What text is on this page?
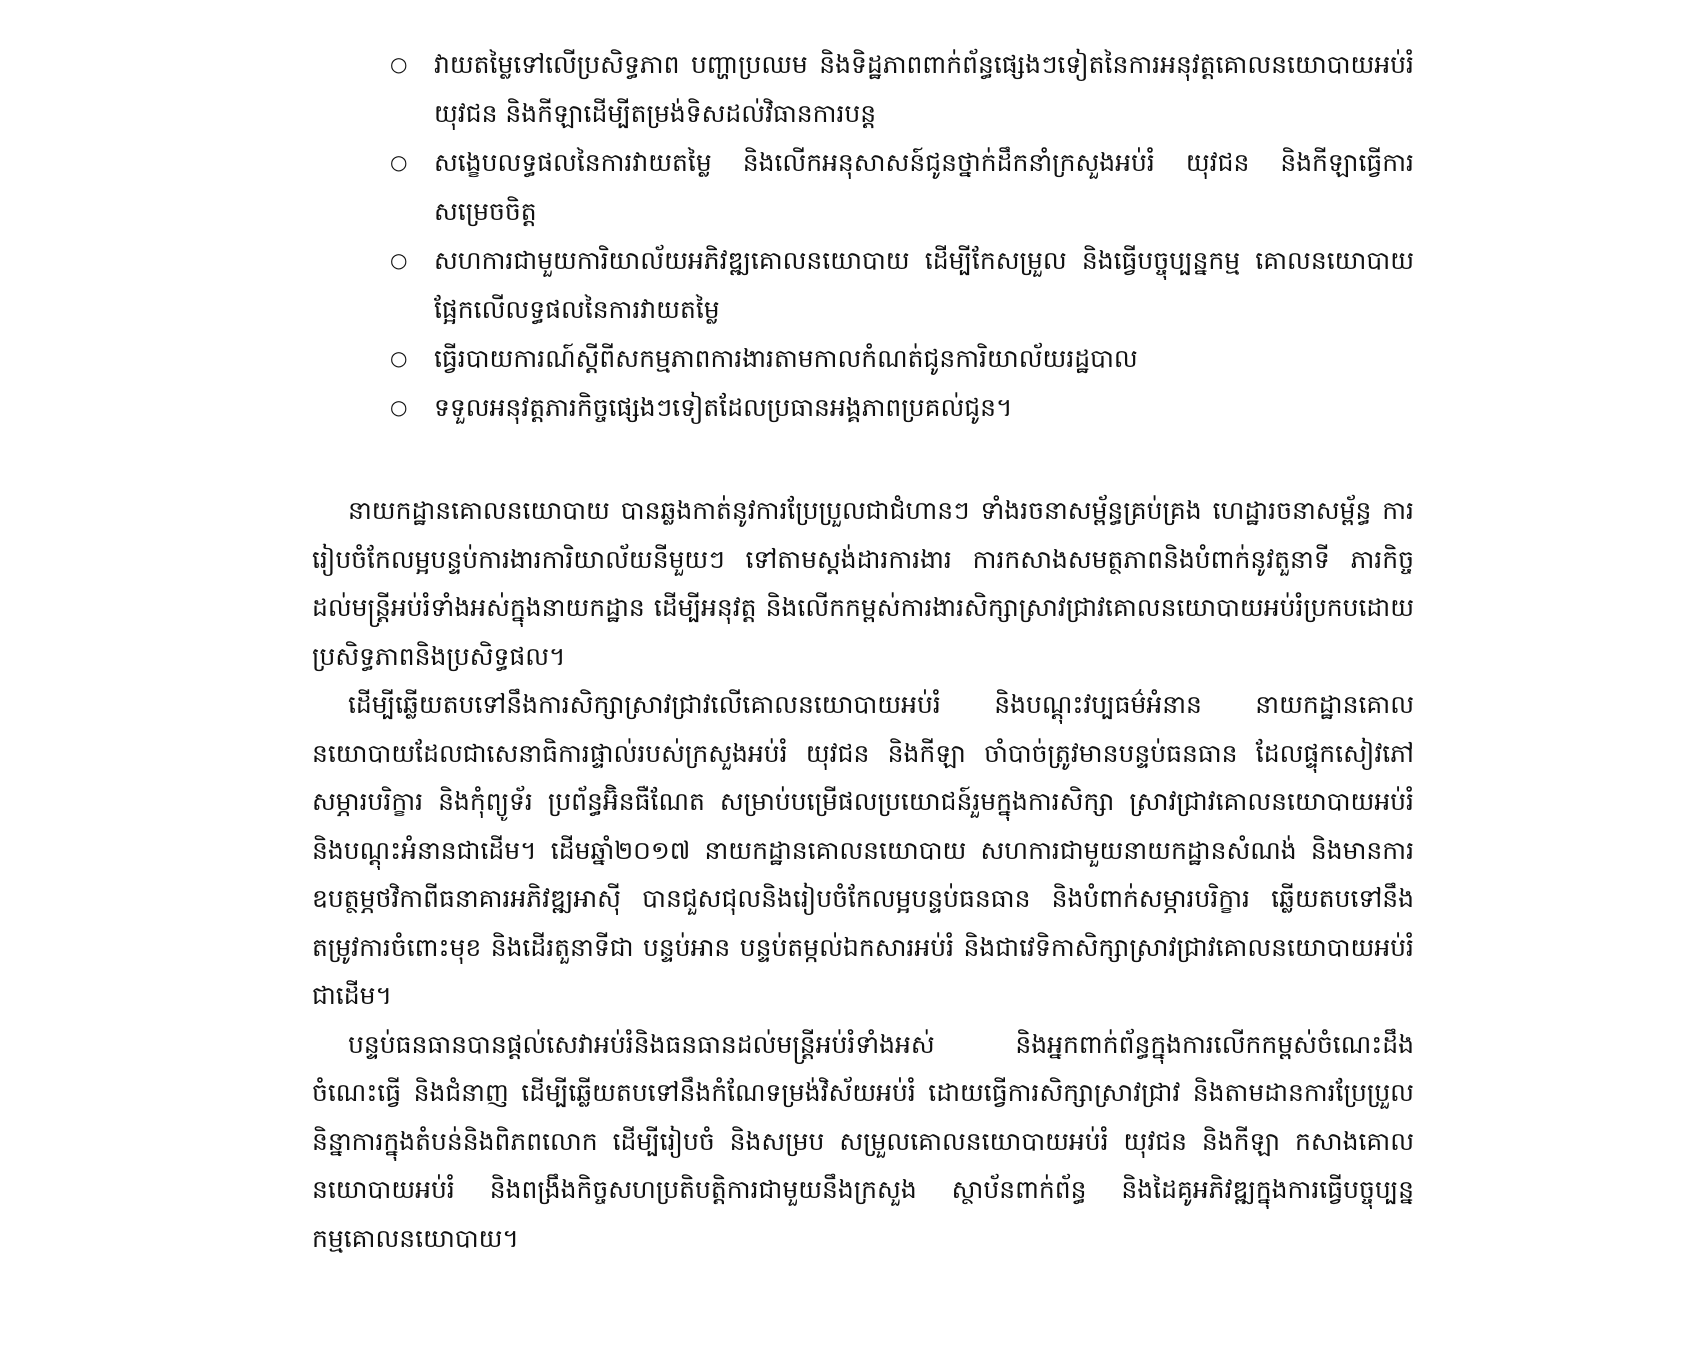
○ វាយតម្លៃទៅលើប្រសិទ្ធភាព បញ្ហាប្រឈម និងទិដ្ឋភាពពាក់ព័ន្ធផ្សេងៗទៀតនៃការអនុវត្តគោលនយោបាយអប់រំ យុវជន និងកីឡាដើម្បីតម្រង់ទិសដល់វិធានការបន្ត
○ សង្ខេបលទ្ធផលនៃការវាយតម្លៃ និងលើកអនុសាសន៍ជូនថ្នាក់ដឹកនាំក្រសួងអប់រំ យុវជន និងកីឡាធ្វើការសម្រេចចិត្ត
○ សហការជាមួយការិយាល័យអភិវឌ្ឍគោលនយោបាយ ដើម្បីកែសម្រួល និងធ្វើបច្ចុប្បន្នកម្ម គោលនយោបាយផ្អែកលើលទ្ធផលនៃការវាយតម្លៃ
○ ធ្វើរបាយការណ៍ស្តីពីសកម្មភាពការងារតាមកាលកំណត់ជូនការិយាល័យរដ្ឋបាល
○ ទទួលអនុវត្តភារកិច្ចផ្សេងៗទៀតដែលប្រធានអង្គភាពប្រគល់ជូន។

នាយកដ្ឋានគោលនយោបាយ បានឆ្លងកាត់នូវការប្រែប្រួលជាជំហានៗ ទាំងរចនាសម្ព័ន្ធគ្រប់គ្រង ហេដ្ឋារចនាសម្ព័ន្ធ ការរៀបចំកែលម្អបន្ទប់ការងារការិយាល័យនីមួយៗ ទៅតាមស្តង់ដារការងារ ការកសាងសមត្ថភាពនិងបំពាក់នូវតួនាទី ភារកិច្ចដល់មន្ត្រីអប់រំទាំងអស់ក្នុងនាយកដ្ឋាន ដើម្បីអនុវត្ត និងលើកកម្ពស់ការងារសិក្សាស្រាវជ្រាវគោលនយោបាយអប់រំប្រកបដោយប្រសិទ្ធភាពនិងប្រសិទ្ធផល។

ដើម្បីឆ្លើយតបទៅនឹងការសិក្សាស្រាវជ្រាវលើគោលនយោបាយអប់រំ និងបណ្ដុះវប្បធម៌អំនាន នាយកដ្ឋានគោលនយោបាយដែលជាសេនាធិការផ្ទាល់របស់ក្រសួងអប់រំ យុវជន និងកីឡា ចាំបាច់ត្រូវមានបន្ទប់ធនធាន ដែលផ្ទុកសៀវភៅ សម្ភារបរិក្ខារ និងកុំព្យូទ័រ ប្រព័ន្ធអ៊ិនធឺណែត សម្រាប់បម្រើផលប្រយោជន៍រួមក្នុងការសិក្សា ស្រាវជ្រាវគោលនយោបាយអប់រំ និងបណ្ដុះអំនានជាដើម។ ដើមឆ្នាំ២០១៧ នាយកដ្ឋានគោលនយោបាយ សហការជាមួយនាយកដ្ឋានសំណង់ និងមានការឧបត្ថម្ភថវិកាពីធនាគារអភិវឌ្ឍអាស៊ី បានជួសជុលនិងរៀបចំកែលម្អបន្ទប់ធនធាន និងបំពាក់សម្ភារបរិក្ខារ ឆ្លើយតបទៅនឹងតម្រូវការចំពោះមុខ និងដើរតួនាទីជា បន្ទប់អាន បន្ទប់តម្កល់ឯកសារអប់រំ និងជាវេទិកាសិក្សាស្រាវជ្រាវគោលនយោបាយអប់រំ ជាដើម។

បន្ទប់ធនធានបានផ្តល់សេវាអប់រំនិងធនធានដល់មន្ត្រីអប់រំទាំងអស់ និងអ្នកពាក់ព័ន្ធក្នុងការលើកកម្ពស់ចំណេះដឹង ចំណេះធ្វើ និងជំនាញ ដើម្បីឆ្លើយតបទៅនឹងកំណែទម្រង់វិស័យអប់រំ ដោយធ្វើការសិក្សាស្រាវជ្រាវ និងតាមដានការប្រែប្រួលនិន្នាការក្នុងតំបន់និងពិភពលោក ដើម្បីរៀបចំ និងសម្រប សម្រួលគោលនយោបាយអប់រំ យុវជន និងកីឡា កសាងគោលនយោបាយអប់រំ និងពង្រឹងកិច្ចសហប្រតិបត្តិការជាមួយនឹងក្រសួង ស្ថាប័នពាក់ព័ន្ធ និងដៃគូអភិវឌ្ឍក្នុងការធ្វើបច្ចុប្បន្នកម្មគោលនយោបាយ។
